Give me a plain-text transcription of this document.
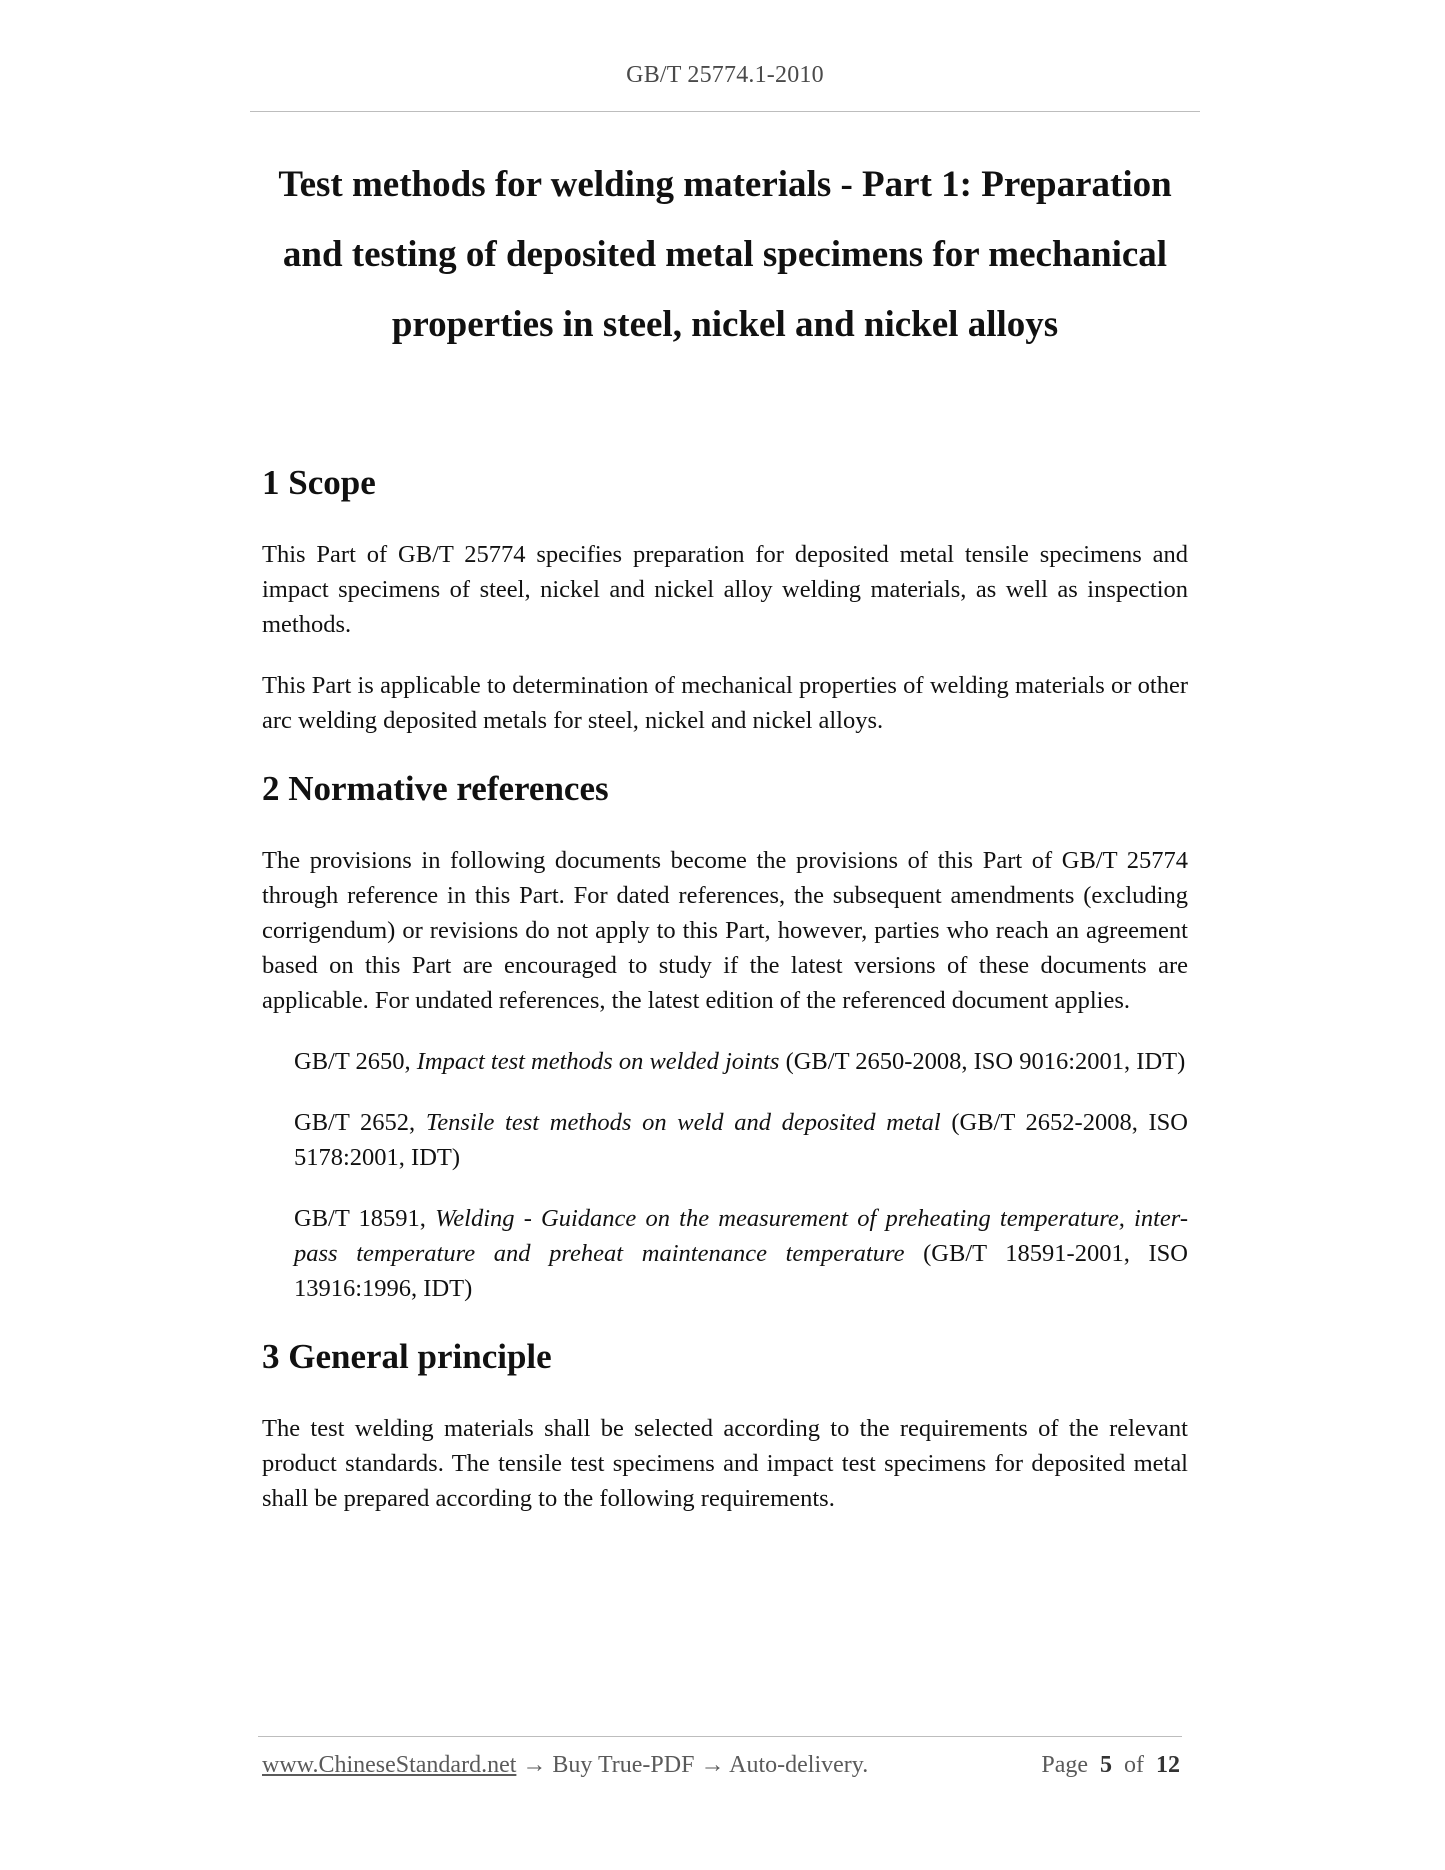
GB/T 25774.1-2010
Test methods for welding materials - Part 1: Preparation
and testing of deposited metal specimens for mechanical
properties in steel, nickel and nickel alloys
1 Scope

This Part of GB/T 25774 specifies preparation for deposited metal tensile specimens and impact specimens of steel, nickel and nickel alloy welding materials, as well as inspection methods.

This Part is applicable to determination of mechanical properties of welding materials or other arc welding deposited metals for steel, nickel and nickel alloys.

2 Normative references

The provisions in following documents become the provisions of this Part of GB/T 25774 through reference in this Part. For dated references, the subsequent amendments (excluding corrigendum) or revisions do not apply to this Part, however, parties who reach an agreement based on this Part are encouraged to study if the latest versions of these documents are applicable. For undated references, the latest edition of the referenced document applies.

GB/T 2650, Impact test methods on welded joints (GB/T 2650-2008, ISO 9016:2001, IDT)

GB/T 2652, Tensile test methods on weld and deposited metal (GB/T 2652-2008, ISO 5178:2001, IDT)

GB/T 18591, Welding - Guidance on the measurement of preheating temperature, inter-pass temperature and preheat maintenance temperature (GB/T 18591-2001, ISO 13916:1996, IDT)

3 General principle

The test welding materials shall be selected according to the requirements of the relevant product standards. The tensile test specimens and impact test specimens for deposited metal shall be prepared according to the following requirements.

www.ChineseStandard.net → Buy True-PDF → Auto-delivery.	Page 5 of 12
